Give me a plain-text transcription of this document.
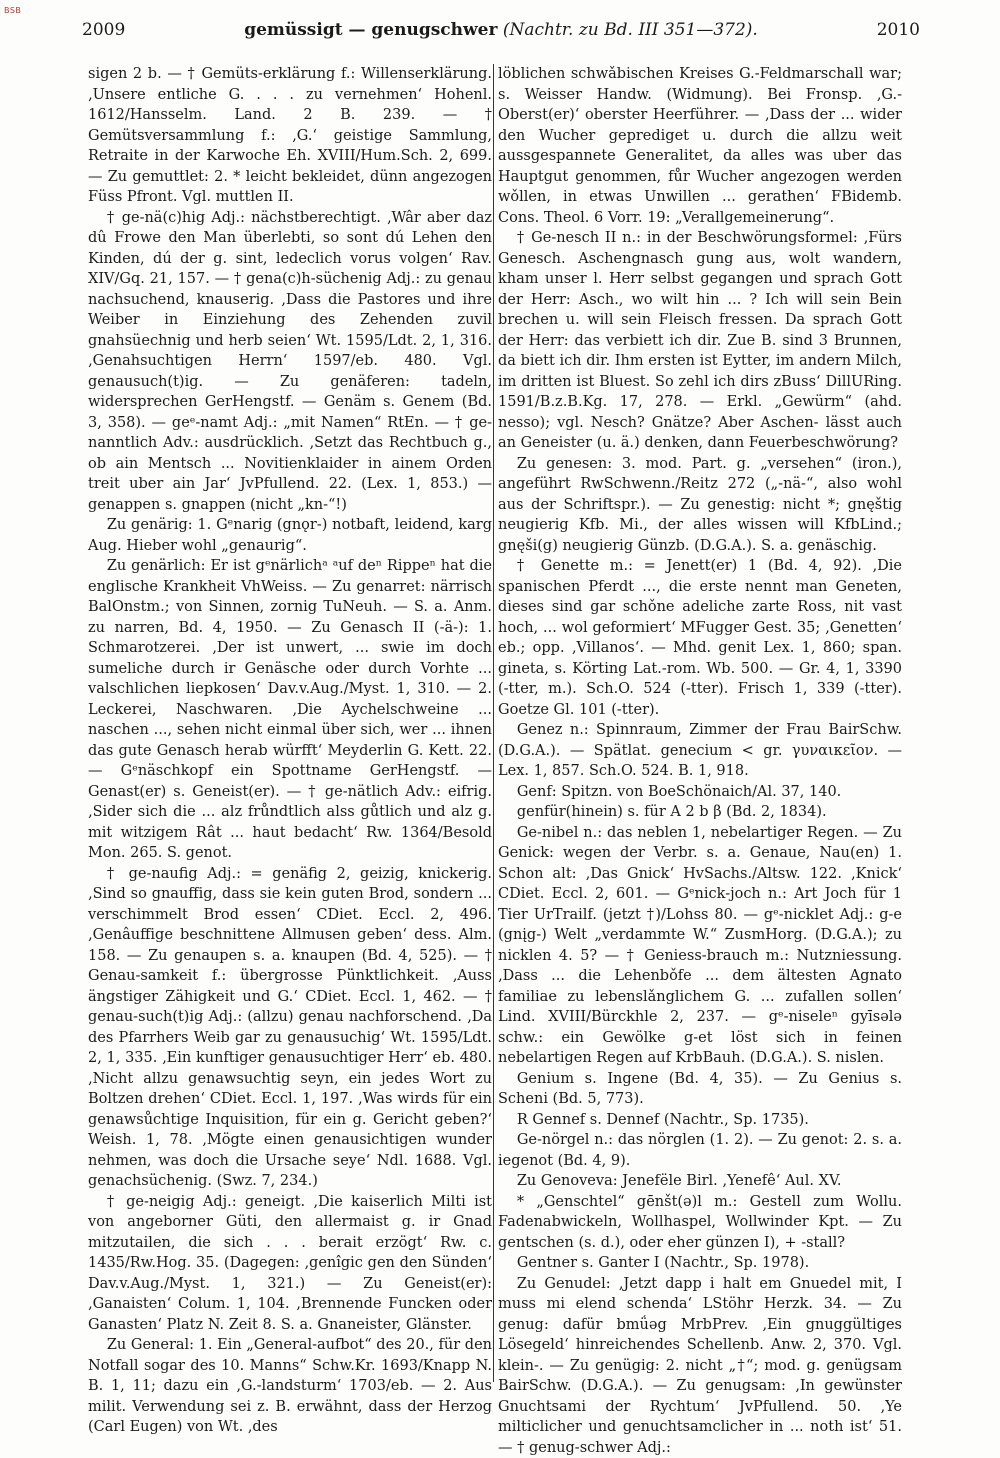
BSB
2009	gemüssigt — genugschwer (Nachtr. zu Bd. III 351—372).	2010

sigen 2 b. — † Gemüts-erklärung f.: Willenserklärung. ‚Unsere entliche G. . . . zu vernehmen‘ Hohenl. 1612/Hansselm. Land. 2 B. 239. — † Gemütsversammlung f.: ‚G.‘ geistige Sammlung, Retraite in der Karwoche Eh. XVIII/Hum.Sch. 2, 699. — Zu gemuttlet: 2. * leicht bekleidet, dünn angezogen Füss Pfront. Vgl. muttlen II.

† ge-nä(c)hig Adj.: nächstberechtigt. ‚Wâr aber daz dû Frowe den Man überlebti, so sont dú Lehen den Kinden, dú der g. sint, ledeclich vorus volgen‘ Rav. XIV/Gq. 21, 157. — † gena(c)h-süchenig Adj.: zu genau nachsuchend, knauserig. ‚Dass die Pastores und ihre Weiber in Einziehung des Zehenden zuvil gnahsüechnig und herb seien‘ Wt. 1595/Ldt. 2, 1, 316. ‚Genahsuchtigen Herrn‘ 1597/eb. 480. Vgl. genausuch(t)ig. — Zu genäferen: tadeln, widersprechen GerHengstf. — Genäm s. Genem (Bd. 3, 358). — geᵉ-namt Adj.: „mit Namen“ RtEn. — † ge-nanntlich Adv.: ausdrücklich. ‚Setzt das Rechtbuch g., ob ain Mentsch ... Novitienklaider in ainem Orden treit uber ain Jar‘ JvPfullend. 22. (Lex. 1, 853.) — genappen s. gnappen (nicht „kn-“!)

Zu genärig: 1. Gᵉnarig (gnǫr-) notbaft, leidend, karg Aug. Hieber wohl „genaurig“.

Zu genärlich: Er ist gᵉnärlichᵃ ᵃuf deⁿ Rippeⁿ hat die englische Krankheit VhWeiss. — Zu genarret: närrisch BalOnstm.; von Sinnen, zornig TuNeuh. — S. a. Anm. zu narren, Bd. 4, 1950. — Zu Genasch II (-ä-): 1. Schmarotzerei. ‚Der ist unwert, ... swie im doch sumeliche durch ir Genäsche oder durch Vorhte ... valschlichen liepkosen‘ Dav.v.Aug./Myst. 1, 310. — 2. Leckerei, Naschwaren. ‚Die Aychelschweine ... naschen ..., sehen nicht einmal über sich, wer ... ihnen das gute Genasch herab würfft‘ Meyderlin G. Kett. 22. — Gᵉnäschkopf ein Spottname GerHengstf. — Genast(er) s. Geneist(er). — † ge-nätlich Adv.: eifrig. ‚Sider sich die ... alz frůndtlich alss gůtlich und alz g. mit witzigem Rât ... haut bedacht‘ Rw. 1364/Besold Mon. 265. S. genot.

† ge-naufig Adj.: = genäfig 2, geizig, knickerig. ‚Sind so gnauffig, dass sie kein guten Brod, sondern ... verschimmelt Brod essen‘ CDiet. Eccl. 2, 496. ‚Genâuffige beschnittene Allmusen geben‘ dess. Alm. 158. — Zu genaupen s. a. knaupen (Bd. 4, 525). — † Genau-samkeit f.: übergrosse Pünktlichkeit. ‚Auss ängstiger Zähigkeit und G.‘ CDiet. Eccl. 1, 462. — † genau-such(t)ig Adj.: (allzu) genau nachforschend. ‚Da des Pfarrhers Weib gar zu genausuchig‘ Wt. 1595/Ldt. 2, 1, 335. ‚Ein kunftiger genausuchtiger Herr‘ eb. 480. ‚Nicht allzu genawsuchtig seyn, ein jedes Wort zu Boltzen drehen‘ CDiet. Eccl. 1, 197. ‚Was wirds für ein genawsůchtige Inquisition, für ein g. Gericht geben?‘ Weish. 1, 78. ‚Mögte einen genausichtigen wunder nehmen, was doch die Ursache seye‘ Ndl. 1688. Vgl. genachsüchenig. (Swz. 7, 234.)

† ge-neigig Adj.: geneigt. ‚Die kaiserlich Milti ist von angeborner Güti, den allermaist g. ir Gnad mitzutailen, die sich . . . berait erzögt‘ Rw. c. 1435/Rw.Hog. 35. (Dagegen: ‚genîgic gen den Sünden‘ Dav.v.Aug./Myst. 1, 321.) — Zu Geneist(er): ‚Ganaisten‘ Colum. 1, 104. ‚Brennende Funcken oder Ganasten‘ Platz N. Zeit 8. S. a. Gnaneister, Glänster.

Zu General: 1. Ein „General-aufbot“ des 20., für den Notfall sogar des 10. Manns“ Schw.Kr. 1693/Knapp N. B. 1, 11; dazu ein ‚G.-landsturm‘ 1703/eb. — 2. Aus milit. Verwendung sei z. B. erwähnt, dass der Herzog (Carl Eugen) von Wt. ‚des

löblichen schwǎbischen Kreises G.-Feldmarschall war; s. Weisser Handw. (Widmung). Bei Fronsp. ‚G.-Oberst(er)‘ oberster Heerführer. — ‚Dass der ... wider den Wucher geprediget u. durch die allzu weit aussgespannete Generalitet, da alles was uber das Hauptgut genommen, fůr Wucher angezogen werden wǒllen, in etwas Unwillen ... gerathen‘ FBidemb. Cons. Theol. 6 Vorr. 19: „Verallgemeinerung“.

† Ge-nesch II n.: in der Beschwörungsformel: ‚Fürs Genesch. Aschengnasch gung aus, wolt wandern, kham unser l. Herr selbst gegangen und sprach Gott der Herr: Asch., wo wilt hin ... ? Ich will sein Bein brechen u. will sein Fleisch fressen. Da sprach Gott der Herr: das verbiett ich dir. Zue B. sind 3 Brunnen, da biett ich dir. Ihm ersten ist Eytter, im andern Milch, im dritten ist Bluest. So zehl ich dirs zBuss‘ DillURing. 1591/B.z.B.Kg. 17, 278. — Erkl. „Gewürm“ (ahd. nesso); vgl. Nesch? Gnätze? Aber Aschen- lässt auch an Geneister (u. ä.) denken, dann Feuerbeschwörung?

Zu genesen: 3. mod. Part. g. „versehen“ (iron.), angeführt RwSchwenn./Reitz 272 („-nä-“, also wohl aus der Schriftspr.). — Zu genestig: nicht *; gnęštig neugierig Kfb. Mi., der alles wissen will KfbLind.; gnęši(g) neugierig Günzb. (D.G.A.). S. a. genäschig.

† Genette m.: = Jenett(er) 1 (Bd. 4, 92). ‚Die spanischen Pferdt ..., die erste nennt man Geneten, dieses sind gar schǒne adeliche zarte Ross, nit vast hoch, ... wol geformiert‘ MFugger Gest. 35; ‚Genetten‘ eb.; opp. ‚Villanos‘. — Mhd. genit Lex. 1, 860; span. gineta, s. Körting Lat.-rom. Wb. 500. — Gr. 4, 1, 3390 (-tter, m.). Sch.O. 524 (-tter). Frisch 1, 339 (-tter). Goetze Gl. 101 (-tter).

Genez n.: Spinnraum, Zimmer der Frau BairSchw. (D.G.A.). — Spätlat. genecium < gr. γυναικεῖον. — Lex. 1, 857. Sch.O. 524. B. 1, 918.

Genf: Spitzn. von BoeSchönaich/Al. 37, 140.

genfür(hinein) s. für A 2 b β (Bd. 2, 1834).

Ge-nibel n.: das neblen 1, nebelartiger Regen. — Zu Genick: wegen der Verbr. s. a. Genaue, Nau(en) 1. Schon alt: ‚Das Gnick‘ HvSachs./Altsw. 122. ‚Knick‘ CDiet. Eccl. 2, 601. — Gᵉnick-joch n.: Art Joch für 1 Tier UrTrailf. (jetzt †)/Lohss 80. — gᵉ-nicklet Adj.: g-e (gnįg-) Welt „verdammte W.“ ZusmHorg. (D.G.A.); zu nicklen 4. 5? — † Geniess-brauch m.: Nutzniessung. ‚Dass ... die Lehenbǒfe ... dem ältesten Agnato familiae zu lebenslǎnglichem G. ... zufallen sollen‘ Lind. XVIII/Bürckhle 2, 237. — gᵉ-niseleⁿ gyīsələ schw.: ein Gewölke g-et löst sich in feinen nebelartigen Regen auf KrbBauh. (D.G.A.). S. nislen.

Genium s. Ingene (Bd. 4, 35). — Zu Genius s. Scheni (Bd. 5, 773).

R Gennef s. Dennef (Nachtr., Sp. 1735).

Ge-nörgel n.: das nörglen (1. 2). — Zu genot: 2. s. a. iegenot (Bd. 4, 9).

Zu Genoveva: Jenefële Birl. ‚Yenefê‘ Aul. XV.

* „Genschtel“ gēnšt(ə)l m.: Gestell zum Wollu. Fadenabwickeln, Wollhaspel, Wollwinder Kpt. — Zu gentschen (s. d.), oder eher günzen I), + -stall?

Gentner s. Ganter I (Nachtr., Sp. 1978).

Zu Genudel: ‚Jetzt dapp i halt em Gnuedel mit, I muss mi elend schenda‘ LStöhr Herzk. 34. — Zu genug: dafür bmǘəg MrbPrev. ‚Ein gnuggültiges Lösegeld‘ hinreichendes Schellenb. Anw. 2, 370. Vgl. klein-. — Zu genügig: 2. nicht „†“; mod. g. genügsam BairSchw. (D.G.A.). — Zu genugsam: ‚In gewünster Gnuchtsami der Rychtum‘ JvPfullend. 50. ‚Ye milticlicher und genuchtsamclicher in ... noth ist‘ 51. — † genug-schwer Adj.:
